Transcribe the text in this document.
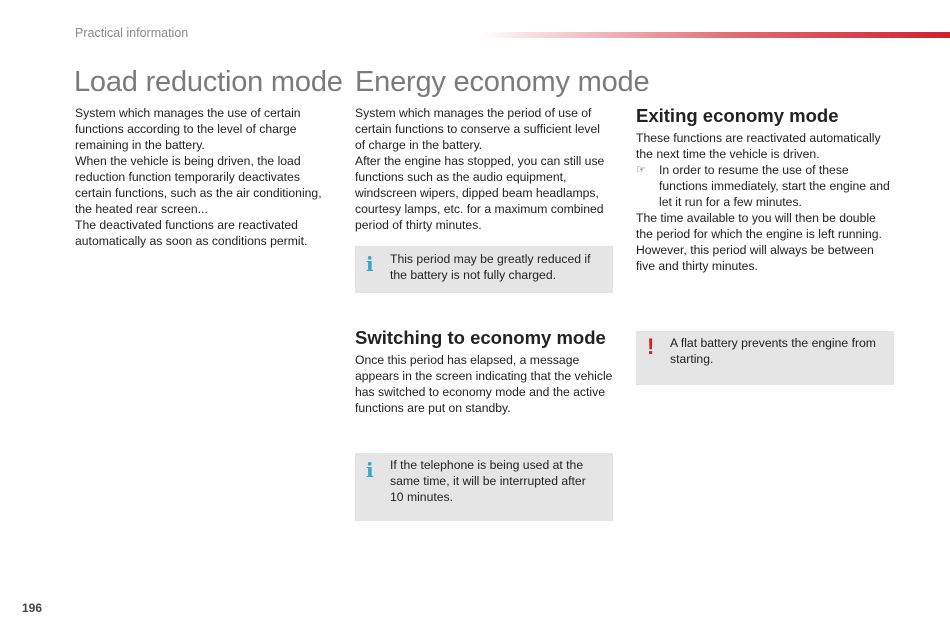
Practical information
Load reduction mode

System which manages the use of certain functions according to the level of charge remaining in the battery.

When the vehicle is being driven, the load reduction function temporarily deactivates certain functions, such as the air conditioning, the heated rear screen...

The deactivated functions are reactivated automatically as soon as conditions permit.

Energy economy mode

System which manages the period of use of certain functions to conserve a sufficient level of charge in the battery.

After the engine has stopped, you can still use functions such as the audio equipment, windscreen wipers, dipped beam headlamps, courtesy lamps, etc. for a maximum combined period of thirty minutes.

i This period may be greatly reduced if the battery is not fully charged.
Switching to economy mode
Once this period has elapsed, a message appears in the screen indicating that the vehicle has switched to economy mode and the active functions are put on standby.
i If the telephone is being used at the same time, it will be interrupted after 10 minutes.
Exiting economy mode

These functions are reactivated automatically the next time the vehicle is driven.

☞	In order to resume the use of these functions immediately, start the engine and let it run for a few minutes.

The time available to you will then be double the period for which the engine is left running. However, this period will always be between five and thirty minutes.

! A flat battery prevents the engine from starting.
196
